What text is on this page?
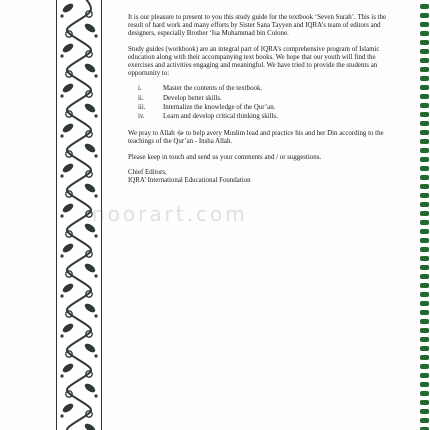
It is our pleasure to present to you this study guide for the textbook ‘Seven Surah’. This is the result of hard work and many efforts by Sister Sana Tayyen and IQRA’s team of editors and designers, especially Brother ‘Isa Muhammad bin Colone.

Study guides (workbook) are an integral part of IQRA’s comprehensive program of Islamic education along with their accompanying text books. We hope that our youth will find the exercises and activities engaging and meaningful. We have tried to provide the students an opportunity to:

i.	Master the contents of the textbook.
ii.	Develop better skills.
iii.	Internalize the knowledge of the Qur’an.
iv.	Learn and develop critical thinking skills.

We pray to Allah ﷻ to help avery Muslim lead and practice his and her Din according to the teachings of the Qur’an - Insha Allah.

Please keep in touch and send us your comments and / or suggestions.

Chief Editors,
IQRA’ International Educational Foundation

noorart.com
